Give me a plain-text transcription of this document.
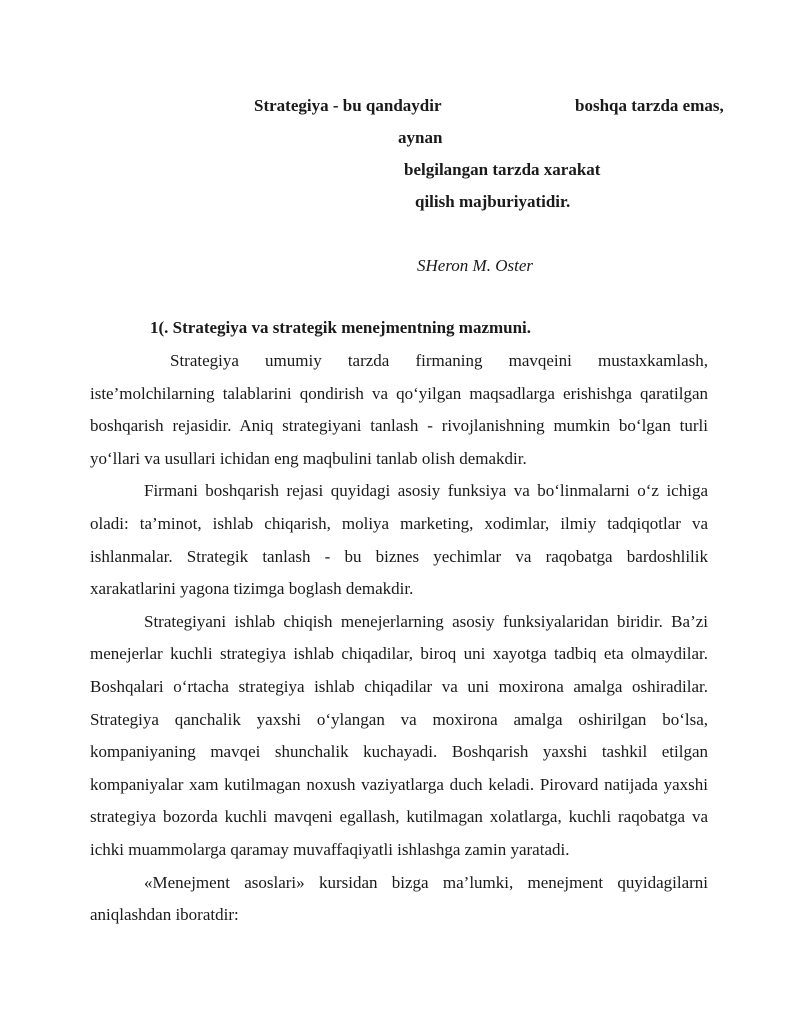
Strategiya - bu qandaydir	boshqa tarzda emas,
aynan
belgilangan tarzda xarakat
qilish majburiyatidir.
SHeron M. Oster
1(. Strategiya va strategik menejmentning mazmuni.

Strategiya umumiy tarzda firmaning mavqeini mustaxkamlash, iste’molchilarning talablarini qondirish va qo‘yilgan maqsadlarga erishishga qaratilgan boshqarish rejasidir. Aniq strategiyani tanlash - rivojlanishning mumkin bo‘lgan turli yo‘llari va usullari ichidan eng maqbulini tanlab olish demakdir.

Firmani boshqarish rejasi quyidagi asosiy funksiya va bo‘linmalarni o‘z ichiga oladi: ta’minot, ishlab chiqarish, moliya marketing, xodimlar, ilmiy tadqiqotlar va ishlanmalar. Strategik tanlash - bu biznes yechimlar va raqobatga bardoshlilik xarakatlarini yagona tizimga boglash demakdir.

Strategiyani ishlab chiqish menejerlarning asosiy funksiyalaridan biridir. Ba’zi menejerlar kuchli strategiya ishlab chiqadilar, biroq uni xayotga tadbiq eta olmaydilar. Boshqalari o‘rtacha strategiya ishlab chiqadilar va uni moxirona amalga oshiradilar. Strategiya qanchalik yaxshi o‘ylangan va moxirona amalga oshirilgan bo‘lsa, kompaniyaning mavqei shunchalik kuchayadi. Boshqarish yaxshi tashkil etilgan kompaniyalar xam kutilmagan noxush vaziyatlarga duch keladi. Pirovard natijada yaxshi strategiya bozorda kuchli mavqeni egallash, kutilmagan xolatlarga, kuchli raqobatga va ichki muammolarga qaramay muvaffaqiyatli ishlashga zamin yaratadi.

«Menejment asoslari» kursidan bizga ma’lumki, menejment quyidagilarni aniqlashdan iboratdir:
